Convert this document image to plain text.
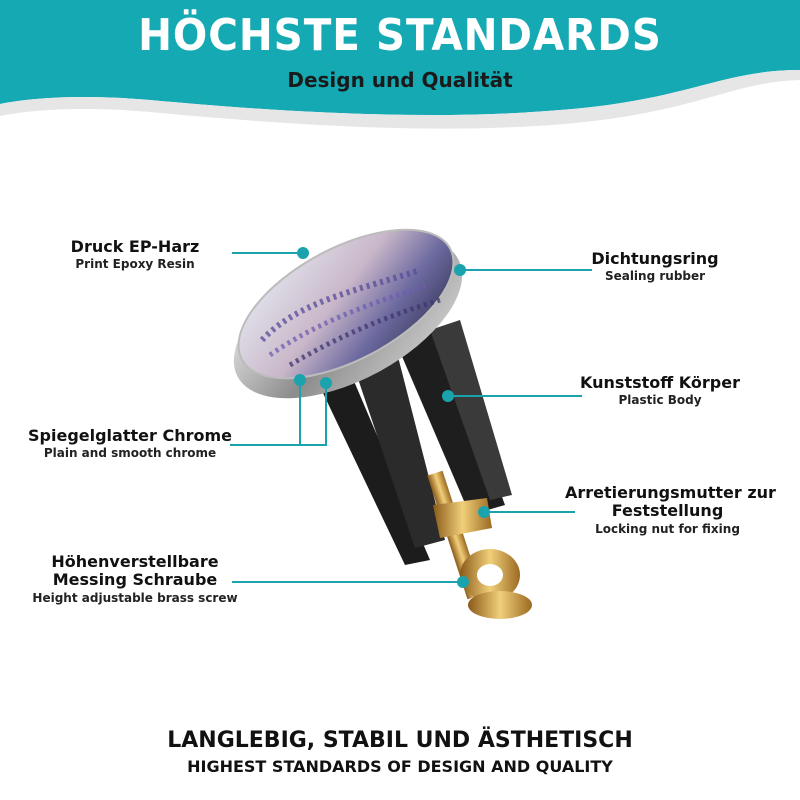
HÖCHSTE STANDARDS
Design und Qualität
Druck EP-Harz
Print Epoxy Resin	Dichtungsring
Sealing rubber
Kunststoff Körper
Plastic Body
Spiegelglatter Chrome
Plain and smooth chrome
Arretierungsmutter zur
Feststellung
Locking nut for fixing
Höhenverstellbare
Messing Schraube
Height adjustable brass screw
LANGLEBIG, STABIL UND ÄSTHETISCH
HIGHEST STANDARDS OF DESIGN AND QUALITY
